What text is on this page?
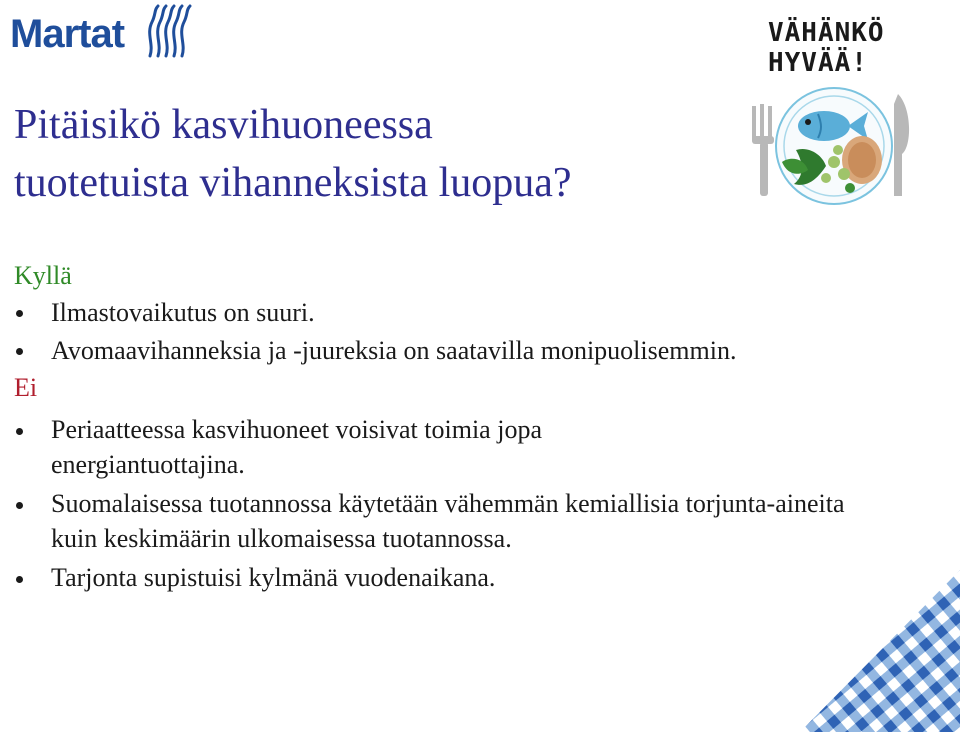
Martat	VÄHÄNKÖ
HYVÄÄ!
Pitäisikö kasvihuoneessa
tuotetuista vihanneksista luopua?
Kyllä
Ilmastovaikutus on suuri.
Avomaavihanneksia ja -juureksia on saatavilla monipuolisemmin.
Ei
Periaatteessa kasvihuoneet voisivat toimia jopa energiantuottajina.
Suomalaisessa tuotannossa käytetään vähemmän kemiallisia torjunta-aineita kuin keskimäärin ulkomaisessa tuotannossa.
Tarjonta supistuisi kylmänä vuodenaikana.
